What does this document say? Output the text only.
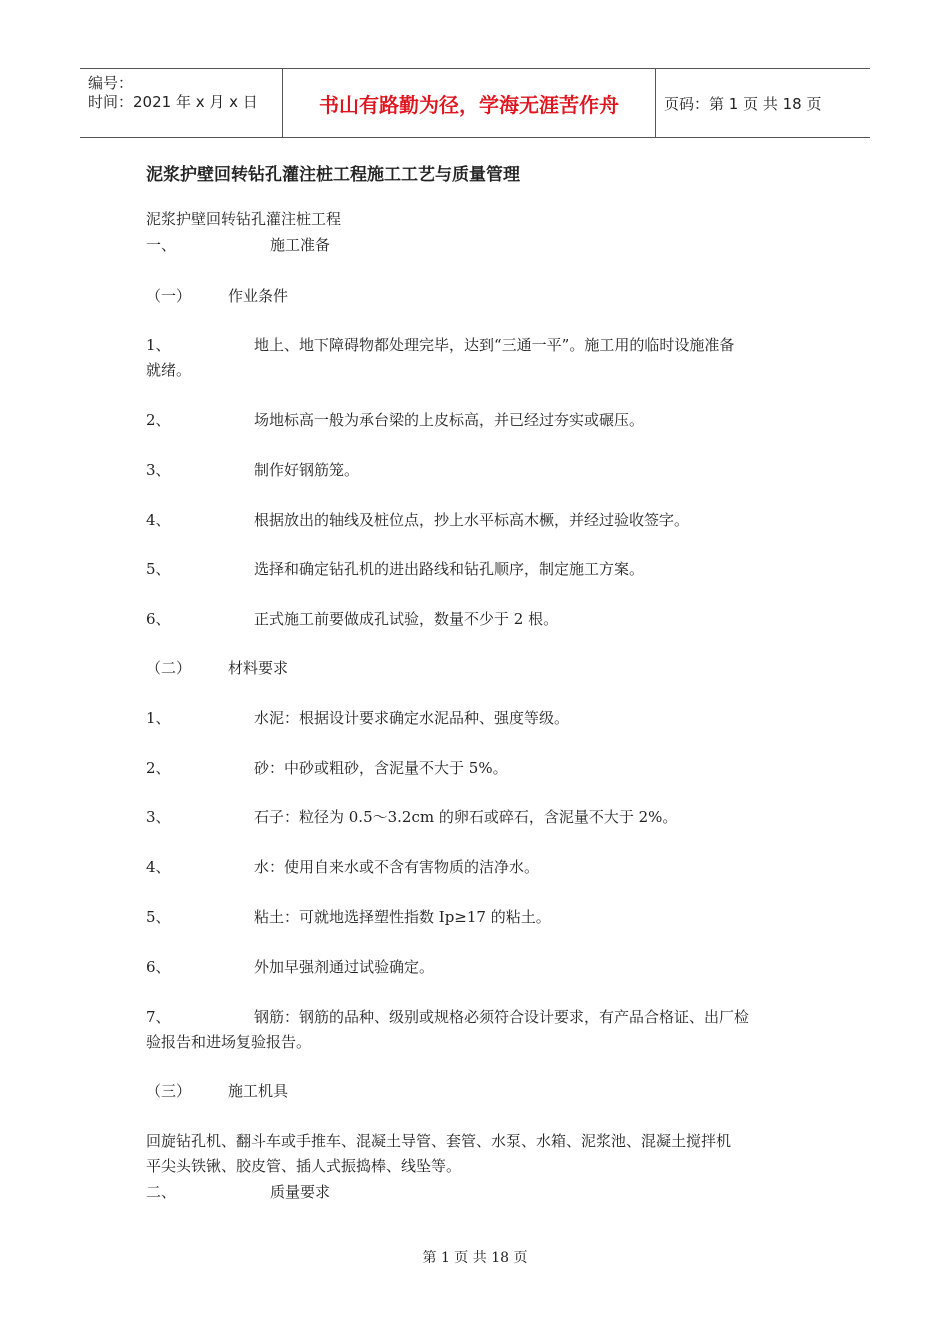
编号：
时间：2021 年 x 月 x 日	书山有路勤为径，学海无涯苦作舟	页码：第 1 页 共 18 页
泥浆护壁回转钻孔灌注桩工程施工工艺与质量管理
泥浆护壁回转钻孔灌注桩工程
一、	施工准备
（一） 作业条件
1、	地上、地下障碍物都处理完毕，达到“三通一平”。施工用的临时设施准备
就绪。
2、	场地标高一般为承台梁的上皮标高，并已经过夯实或碾压。
3、	制作好钢筋笼。
4、	根据放出的轴线及桩位点，抄上水平标高木橛，并经过验收签字。
5、	选择和确定钻孔机的进出路线和钻孔顺序，制定施工方案。
6、	正式施工前要做成孔试验，数量不少于 2 根。
（二） 材料要求
1、	水泥：根据设计要求确定水泥品种、强度等级。
2、	砂：中砂或粗砂，含泥量不大于 5%。
3、	石子：粒径为 0.5～3.2cm 的卵石或碎石，含泥量不大于 2%。
4、	水：使用自来水或不含有害物质的洁净水。
5、	粘土：可就地选择塑性指数 Ip≥17 的粘土。
6、	外加早强剂通过试验确定。
7、	钢筋：钢筋的品种、级别或规格必须符合设计要求，有产品合格证、出厂检
验报告和进场复验报告。
（三） 施工机具
回旋钻孔机、翻斗车或手推车、混凝土导管、套管、水泵、水箱、泥浆池、混凝土搅拌机
平尖头铁锹、胶皮管、插人式振捣棒、线坠等。
二、	质量要求
第 1 页 共 18 页
